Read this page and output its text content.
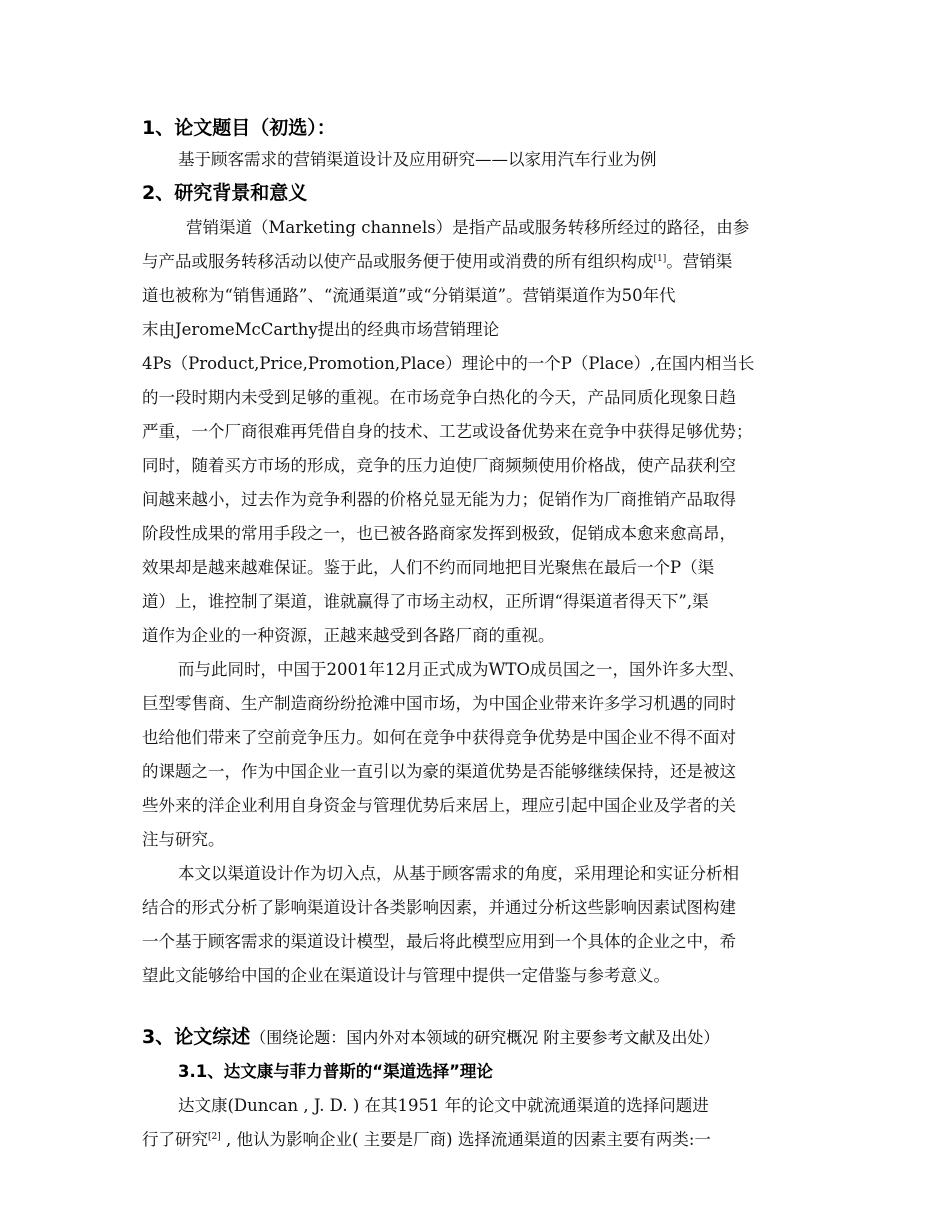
1、论文题目（初选）：
基于顾客需求的营销渠道设计及应用研究——以家用汽车行业为例
2、研究背景和意义
营销渠道（Marketing channels）是指产品或服务转移所经过的路径，由参
与产品或服务转移活动以使产品或服务便于使用或消费的所有组织构成[1]。营销渠
道也被称为“销售通路”、“流通渠道”或“分销渠道”。营销渠道作为50年代
末由JeromeMcCarthy提出的经典市场营销理论
4Ps（Product,Price,Promotion,Place）理论中的一个P（Place）,在国内相当长
的一段时期内未受到足够的重视。在市场竞争白热化的今天，产品同质化现象日趋
严重，一个厂商很难再凭借自身的技术、工艺或设备优势来在竞争中获得足够优势；
同时，随着买方市场的形成，竞争的压力迫使厂商频频使用价格战，使产品获利空
间越来越小，过去作为竞争利器的价格兑显无能为力；促销作为厂商推销产品取得
阶段性成果的常用手段之一，也已被各路商家发挥到极致，促销成本愈来愈高昂，
效果却是越来越难保证。鉴于此，人们不约而同地把目光聚焦在最后一个P（渠
道）上，谁控制了渠道，谁就赢得了市场主动权，正所谓“得渠道者得天下”,渠
道作为企业的一种资源，正越来越受到各路厂商的重视。
而与此同时，中国于2001年12月正式成为WTO成员国之一，国外许多大型、
巨型零售商、生产制造商纷纷抢滩中国市场，为中国企业带来许多学习机遇的同时
也给他们带来了空前竞争压力。如何在竞争中获得竞争优势是中国企业不得不面对
的课题之一，作为中国企业一直引以为豪的渠道优势是否能够继续保持，还是被这
些外来的洋企业利用自身资金与管理优势后来居上，理应引起中国企业及学者的关
注与研究。
本文以渠道设计作为切入点，从基于顾客需求的角度，采用理论和实证分析相
结合的形式分析了影响渠道设计各类影响因素，并通过分析这些影响因素试图构建
一个基于顾客需求的渠道设计模型，最后将此模型应用到一个具体的企业之中，希
望此文能够给中国的企业在渠道设计与管理中提供一定借鉴与参考意义。
3、论文综述（围绕论题：国内外对本领域的研究概况 附主要参考文献及出处）
3.1、达文康与菲力普斯的“渠道选择”理论
达文康(Duncan , J. D. ) 在其1951 年的论文中就流通渠道的选择问题进
行了研究[2] , 他认为影响企业( 主要是厂商) 选择流通渠道的因素主要有两类:一
